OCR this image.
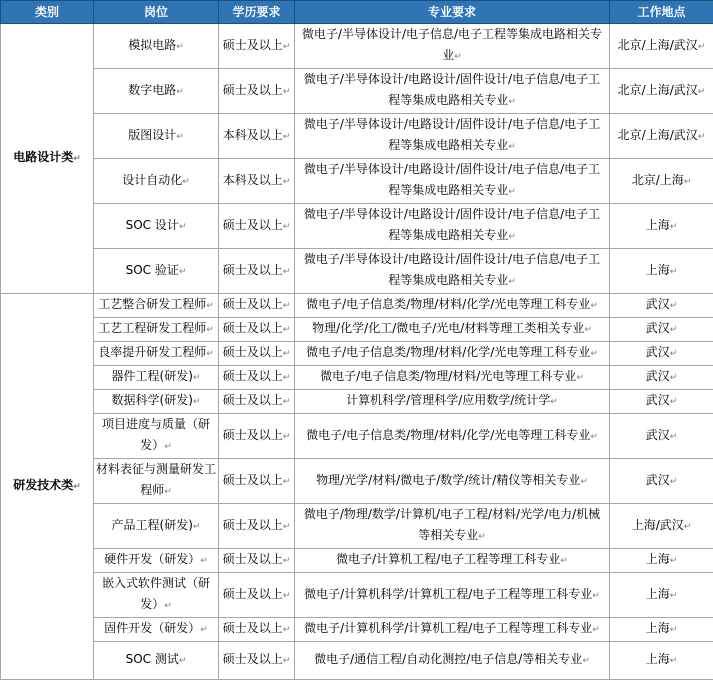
类别	岗位	学历要求	专业要求	工作地点
电路设计类↵	模拟电路↵	硕士及以上↵	微电子/半导体设计/电子信息/电子工程等集成电路相关专业↵	北京/上海/武汉↵
	数字电路↵	硕士及以上↵	微电子/半导体设计/电路设计/固件设计/电子信息/电子工程等集成电路相关专业↵	北京/上海/武汉↵
	版图设计↵	本科及以上↵	微电子/半导体设计/电路设计/固件设计/电子信息/电子工程等集成电路相关专业↵	北京/上海/武汉↵
	设计自动化↵	本科及以上↵	微电子/半导体设计/电路设计/固件设计/电子信息/电子工程等集成电路相关专业↵	北京/上海↵
	SOC 设计↵	硕士及以上↵	微电子/半导体设计/电路设计/固件设计/电子信息/电子工程等集成电路相关专业↵	上海↵
	SOC 验证↵	硕士及以上↵	微电子/半导体设计/电路设计/固件设计/电子信息/电子工程等集成电路相关专业↵	上海↵
研发技术类↵	工艺整合研发工程师↵	硕士及以上↵	微电子/电子信息类/物理/材料/化学/光电等理工科专业↵	武汉↵
	工艺工程研发工程师↵	硕士及以上↵	物理/化学/化工/微电子/光电/材料等理工类相关专业↵	武汉↵
	良率提升研发工程师↵	硕士及以上↵	微电子/电子信息类/物理/材料/化学/光电等理工科专业↵	武汉↵
	器件工程(研发)↵	硕士及以上↵	微电子/电子信息类/物理/材料/光电等理工科专业↵	武汉↵
	数据科学(研发)↵	硕士及以上↵	计算机科学/管理科学/应用数学/统计学↵	武汉↵
	项目进度与质量（研发）↵	硕士及以上↵	微电子/电子信息类/物理/材料/化学/光电等理工科专业↵	武汉↵
	材料表征与测量研发工程师↵	硕士及以上↵	物理/光学/材料/微电子/数学/统计/精仪等相关专业↵	武汉↵
	产品工程(研发)↵	硕士及以上↵	微电子/物理/数学/计算机/电子工程/材料/光学/电力/机械等相关专业↵	上海/武汉↵
	硬件开发（研发）↵	硕士及以上↵	微电子/计算机工程/电子工程等理工科专业↵	上海↵
	嵌入式软件测试（研发）↵	硕士及以上↵	微电子/计算机科学/计算机工程/电子工程等理工科专业↵	上海↵
	固件开发（研发）↵	硕士及以上↵	微电子/计算机科学/计算机工程/电子工程等理工科专业↵	上海↵
	SOC 测试↵	硕士及以上↵	微电子/通信工程/自动化测控/电子信息/等相关专业↵	上海↵
